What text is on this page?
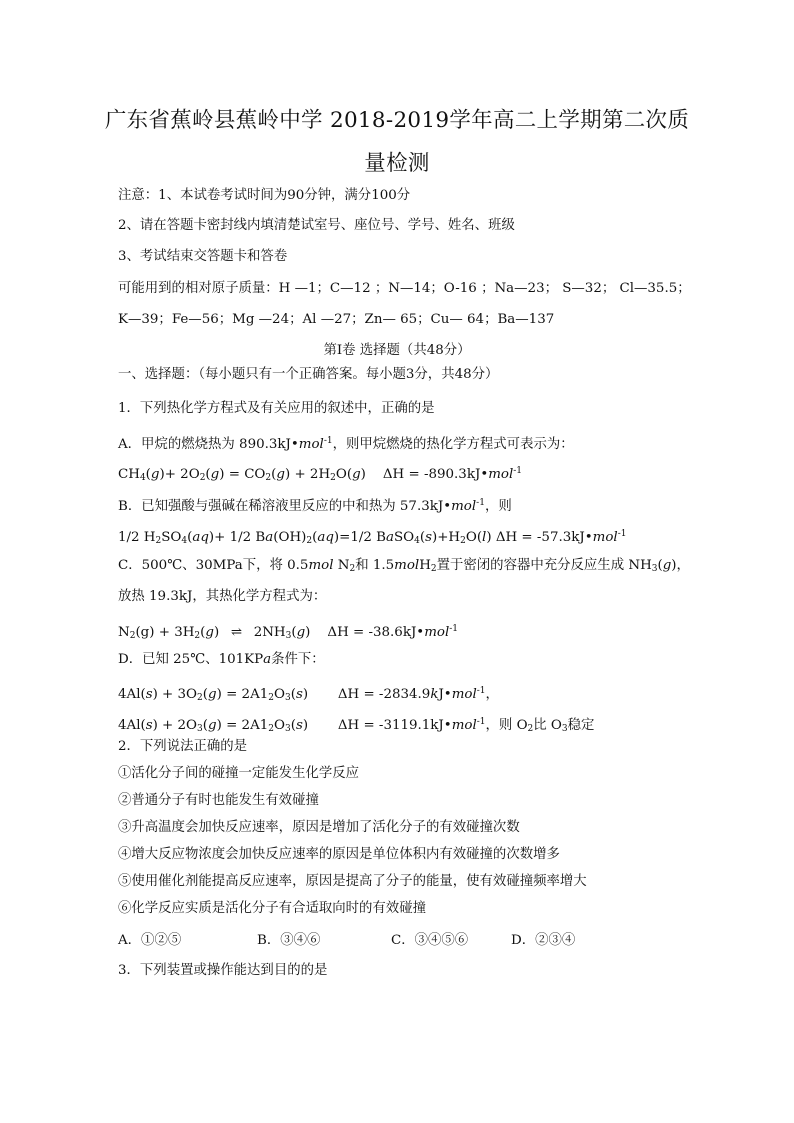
广东省蕉岭县蕉岭中学 2018-2019学年高二上学期第二次质
量检测
注意：1、本试卷考试时间为90分钟，满分100分
2、请在答题卡密封线内填清楚试室号、座位号、学号、姓名、班级
3、考试结束交答题卡和答卷
可能用到的相对原子质量：H —1；C—12 ；N—14；O-16 ；Na—23； S—32； Cl—35.5；
K—39；Fe—56；Mg —24；Al —27；Zn— 65；Cu— 64；Ba—137
第Ⅰ卷 选择题（共48分）
一、选择题：（每小题只有一个正确答案。每小题3分，共48分）
1．下列热化学方程式及有关应用的叙述中，正确的是
A．甲烷的燃烧热为 890.3kJ•mol$^{-1}$，则甲烷燃烧的热化学方程式可表示为：
$CH_4(g)+ 2O_2(g) = CO_2(g) + 2H_2O(g)$    ΔH = -890.3kJ•mol$^{-1}$
B．已知强酸与强碱在稀溶液里反应的中和热为 57.3kJ•mol$^{-1}$，则
1/2 $H_2SO_4(aq)+ 1/2$ $Ba(OH)_2(aq)=1/2$ $BaSO_4(s)+H_2O(l) \Delta H$ = -57.3kJ•mol$^{-1}$
C．500℃、30MPa下，将 0.5mol $N_2$和 1.5molH$_2$置于密闭的容器中充分反应生成 $NH_3(g)$，
放热 19.3kJ，其热化学方程式为：
$N_2(g) + 3H_2(g)$ ⇌ $2NH_3(g)$    ΔH = -38.6kJ•mol$^{-1}$
D．已知 25℃、101KPa条件下：
$4Al(s) + 3O_2(g) = 2A1_2O_3(s)$       ΔH = -2834.9kJ•mol$^{-1}$，
$4Al(s) + 2O_3(g) = 2A1_2O_3(s)$       ΔH = -3119.1kJ•mol$^{-1}$，则 $O_2$比 $O_3$稳定
2．下列说法正确的是
①活化分子间的碰撞一定能发生化学反应
②普通分子有时也能发生有效碰撞
③升高温度会加快反应速率，原因是增加了活化分子的有效碰撞次数
④增大反应物浓度会加快反应速率的原因是单位体积内有效碰撞的次数增多
⑤使用催化剂能提高反应速率，原因是提高了分子的能量，使有效碰撞频率增大
⑥化学反应实质是活化分子有合适取向时的有效碰撞
A．①②⑤	B．③④⑥	C．③④⑤⑥	D．②③④
3．下列装置或操作能达到目的的是
